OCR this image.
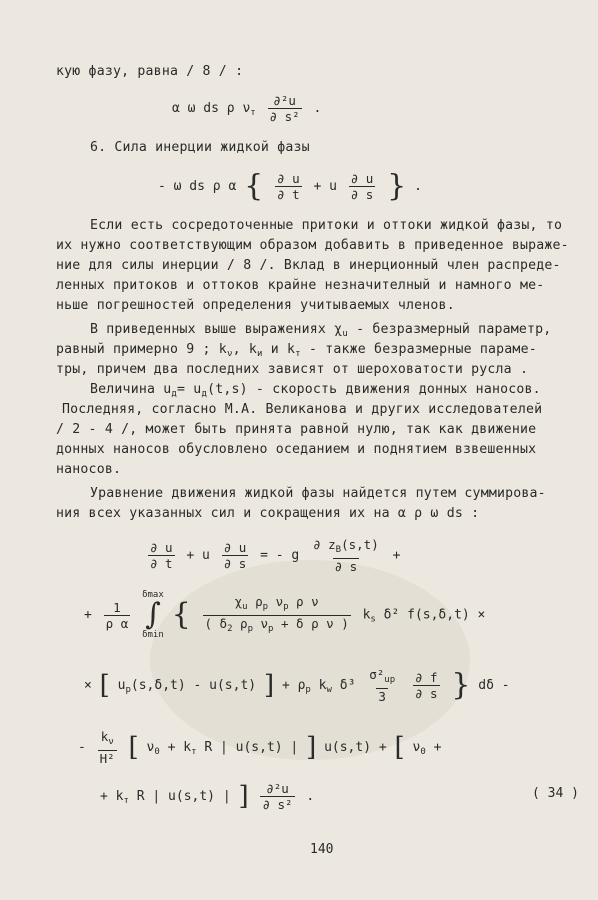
кую фазу, равна / 8 / :
α ω ds ρ $\nu_т \frac{\text{∂²u}}{\text{∂ s²}}$ .
6. Сила инерции жидкой фазы
- ω ds ρ α { $\frac{\partial u}{\partial t} + u \frac{\partial u}{\partial s}$ } .
Если есть сосредоточенные притоки и оттоки жидкой фазы, то
их нужно соответствующим образом добавить в приведенное выраже-
ние для силы инерции / 8 /. Вклад в инерционный член распреде-
ленных притоков и оттоков крайне незначителный и намного ме-
ньше погрешностей определения учитываемых членов.
В приведенных выше выражениях $\chi_u$ - безразмерный параметр,
равный примерно 9 ; $k_\nu$, $k_и$ и $k_т$ - также безразмерные парамe-
тры, причем два последних зависят от шероховатости русла .
Величина $u_д= u_д(t,s)$ - скорость движения донных наносов.
Последняя, согласно М.А. Великанова и других исследователей
/ 2 - 4 /, может быть принята равной нулю, так как движение
донных наносов обусловлено оседанием и поднятием взвешенных
наносов.
Уравнение движения жидкой фазы найдется путем суммирова-
ния всех указанных сил и сокращения их на α ρ ω ds :
$\frac{\partial u}{\partial t} + u \frac{\partial u}{\partial s}$ = - g $\frac{\partial z_B(s,t)}{\partial s}$ +
+ $\frac{1}{\text{ρ α}}$

δmax
∫
δmin
{ $\frac{\chi_u \rho_p \nu_p \rho \nu}{( \delta_2 \rho_p \nu_p + \delta \rho \nu )} k_s$ δ² f(s,δ,t) ×
× [ $u_p(s,\delta,t) - u(s,t)$ ] + $\rho_p$ $k_w$ $\delta^3 \frac{\sigma^2_{up}}{3}$
$\frac{\partial f}{\partial s}$ } dδ -
- $\frac{k_\nu}{\text{H²}}$ [ $\nu_0 + k_т$ R | u(s,t) | ] u(s,t) + [ $\nu_0$ +
+ $k_т$ R | u(s,t) | ] $\frac{\text{∂²u}}{\text{∂ s²}}$ .	( 34 )
140
